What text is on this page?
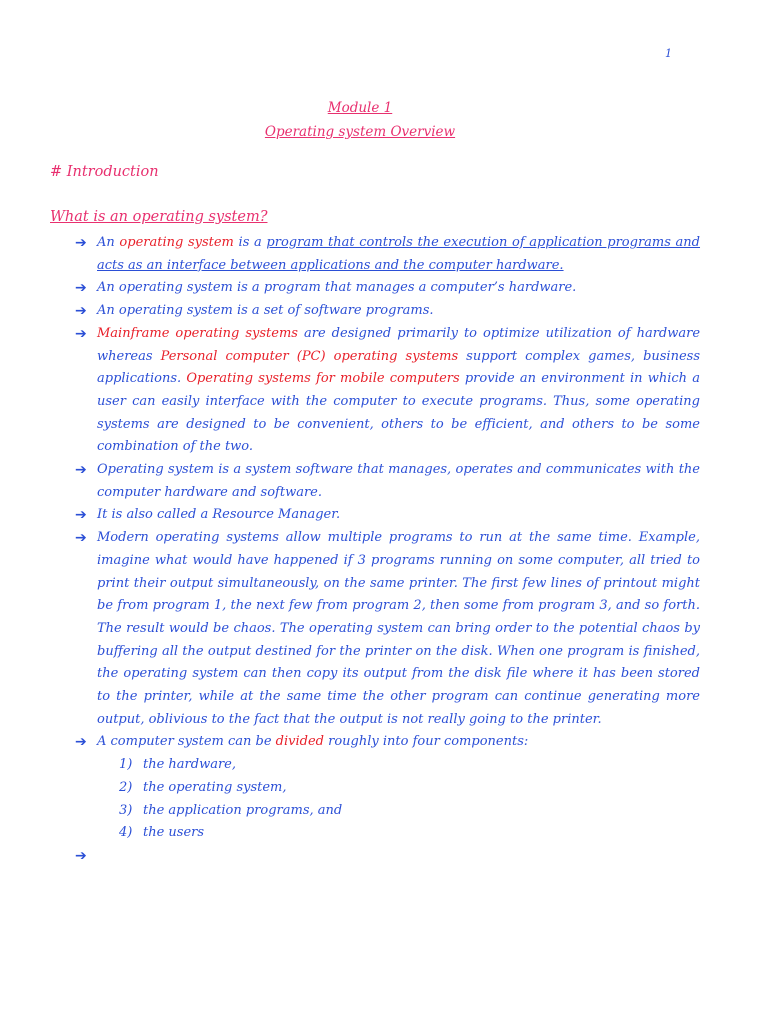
1
Module 1
Operating system Overview
# Introduction
What is an operating system?
➔ An operating system is a program that controls the execution of application programs and acts as an interface between applications and the computer hardware.
➔ An operating system is a program that manages a computer’s hardware.
➔ An operating system is a set of software programs.
➔ Mainframe operating systems are designed primarily to optimize utilization of hardware whereas Personal computer (PC) operating systems support complex games, business applications. Operating systems for mobile computers provide an environment in which a user can easily interface with the computer to execute programs. Thus, some operating systems are designed to be convenient, others to be efficient, and others to be some combination of the two.
➔ Operating system is a system software that manages, operates and communicates with the computer hardware and software.
➔ It is also called a Resource Manager.
➔ Modern operating systems allow multiple programs to run at the same time. Example, imagine what would have happened if 3 programs running on some computer, all tried to print their output simultaneously, on the same printer. The first few lines of printout might be from program 1, the next few from program 2, then some from program 3, and so forth. The result would be chaos. The operating system can bring order to the potential chaos by buffering all the output destined for the printer on the disk. When one program is finished, the operating system can then copy its output from the disk file where it has been stored to the printer, while at the same time the other program can continue generating more output, oblivious to the fact that the output is not really going to the printer.
➔ A computer system can be divided roughly into four components:
1) the hardware,
2) the operating system,
3) the application programs, and
4) the users
➔
